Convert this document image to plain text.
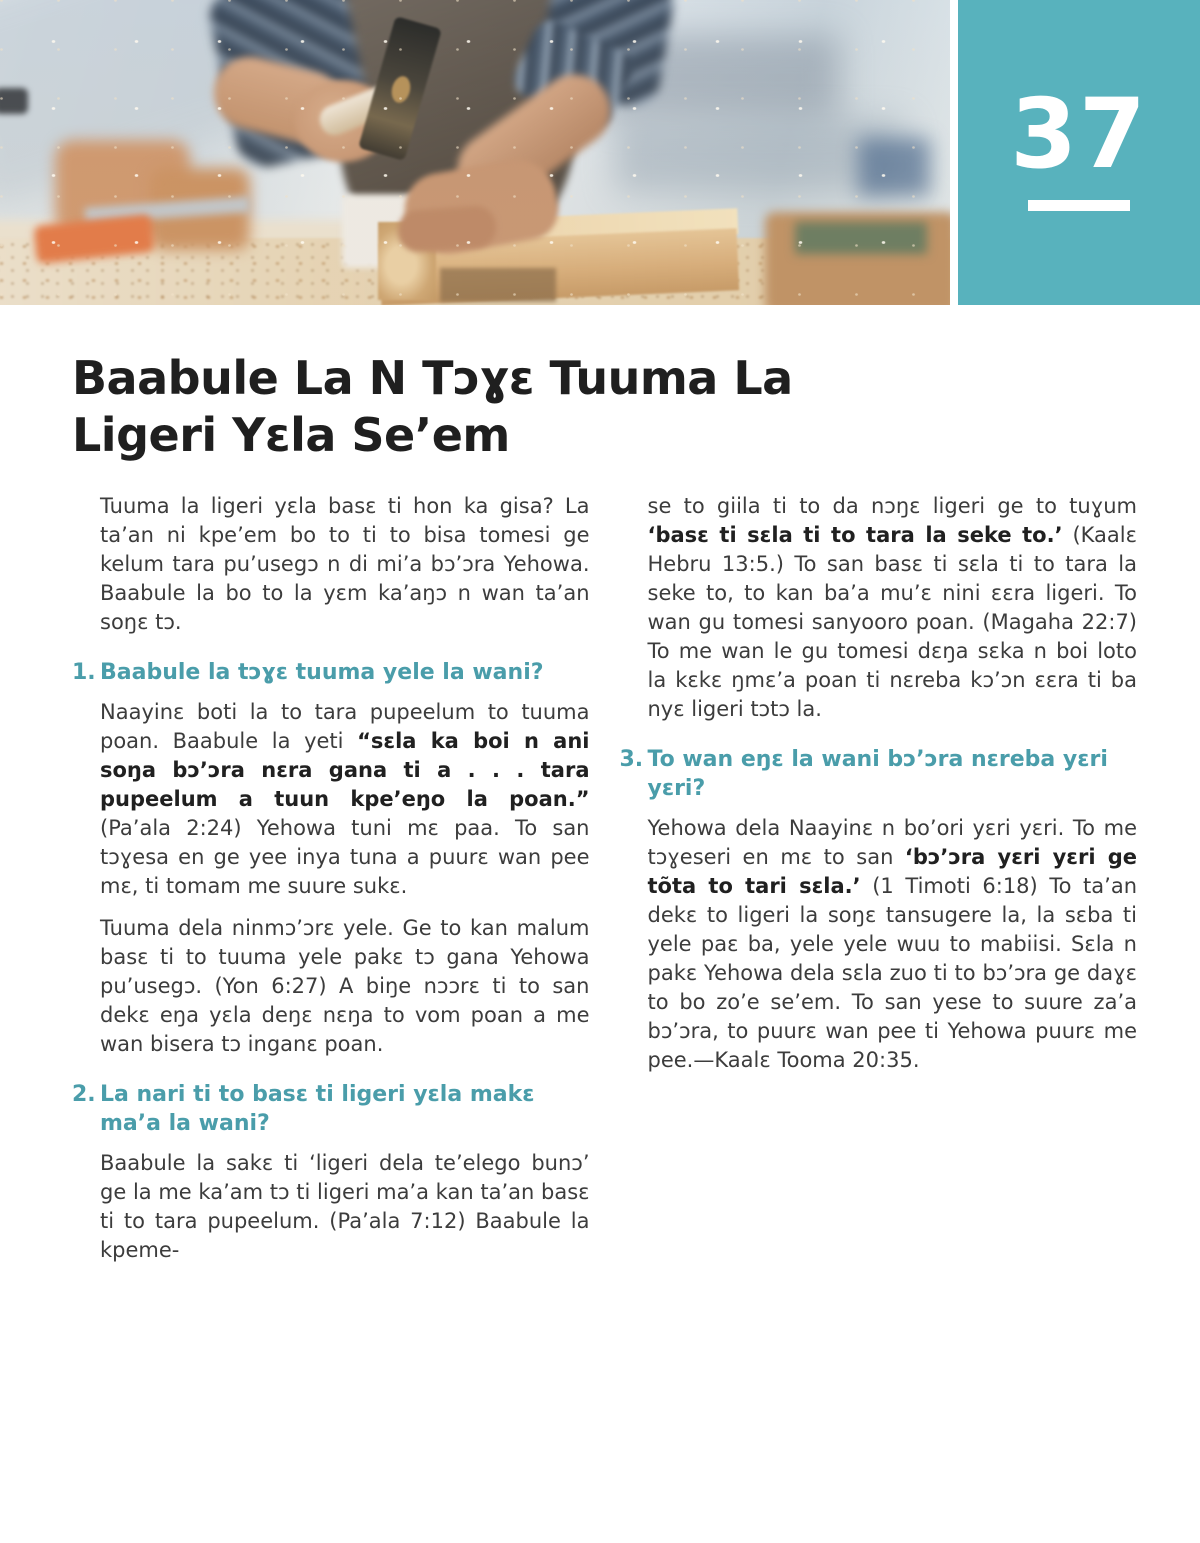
37
Baabule La N Tɔɣɛ Tuuma La
Ligeri Yɛla Se’em

Tuuma la ligeri yɛla basɛ ti hon ka gisa? La ta’an ni kpe’em bo to ti to bisa tomesi ge kelum tara pu’usegɔ n di mi’a bɔ’ɔra Yehowa. Baabule la bo to la yɛm ka’aŋɔ n wan ta’an soŋɛ tɔ.

1. Baabule la tɔɣɛ tuuma yele la wani?

Naayinɛ boti la to tara pupeelum to tuuma poan. Baabule la yeti “sɛla ka boi n ani soŋa bɔ’ɔra nɛra gana ti a . . . tara pupeelum a tuun kpe’eŋo la poan.” (Pa’ala 2:24) Yehowa tuni mɛ paa. To san tɔɣesa en ge yee inya tuna a puurɛ wan pee mɛ, ti tomam me suure sukɛ.

Tuuma dela ninmɔ’ɔrɛ yele. Ge to kan malum basɛ ti to tuuma yele pakɛ tɔ gana Yehowa pu’usegɔ. (Yon 6:27) A biŋe nɔɔrɛ ti to san dekɛ eŋa yɛla deŋɛ nɛŋa to vom poan a me wan bisera tɔ inganɛ poan.

2. La nari ti to basɛ ti ligeri yɛla makɛ ma’a la wani?

Baabule la sakɛ ti ‘ligeri dela te’elego bunɔ’ ge la me ka’am tɔ ti ligeri ma’a kan ta’an basɛ ti to tara pupeelum. (Pa’ala 7:12) Baabule la kpeme-

se to giila ti to da nɔŋɛ ligeri ge to tuɣum ‘basɛ ti sɛla ti to tara la seke to.’ (Kaalɛ Hebru 13:5.) To san basɛ ti sɛla ti to tara la seke to, to kan ba’a mu’ɛ nini ɛɛra ligeri. To wan gu tomesi sanyooro poan. (Magaha 22:7) To me wan le gu tomesi dɛŋa sɛka n boi loto la kɛkɛ ŋmɛ’a poan ti nɛreba kɔ’ɔn ɛɛra ti ba nyɛ ligeri tɔtɔ la.

3. To wan eŋɛ la wani bɔ’ɔra nɛreba yɛri yɛri?

Yehowa dela Naayinɛ n bo’ori yɛri yɛri. To me tɔɣeseri en mɛ to san ‘bɔ’ɔra yɛri yɛri ge tõta to tari sɛla.’ (1 Timoti 6:18) To ta’an dekɛ to ligeri la soŋɛ tansugere la, la sɛba ti yele paɛ ba, yele yele wuu to mabiisi. Sɛla n pakɛ Yehowa dela sɛla zuo ti to bɔ’ɔra ge daɣɛ to bo zo’e se’em. To san yese to suure za’a bɔ’ɔra, to puurɛ wan pee ti Yehowa puurɛ me pee.—Kaalɛ Tooma 20:35.
